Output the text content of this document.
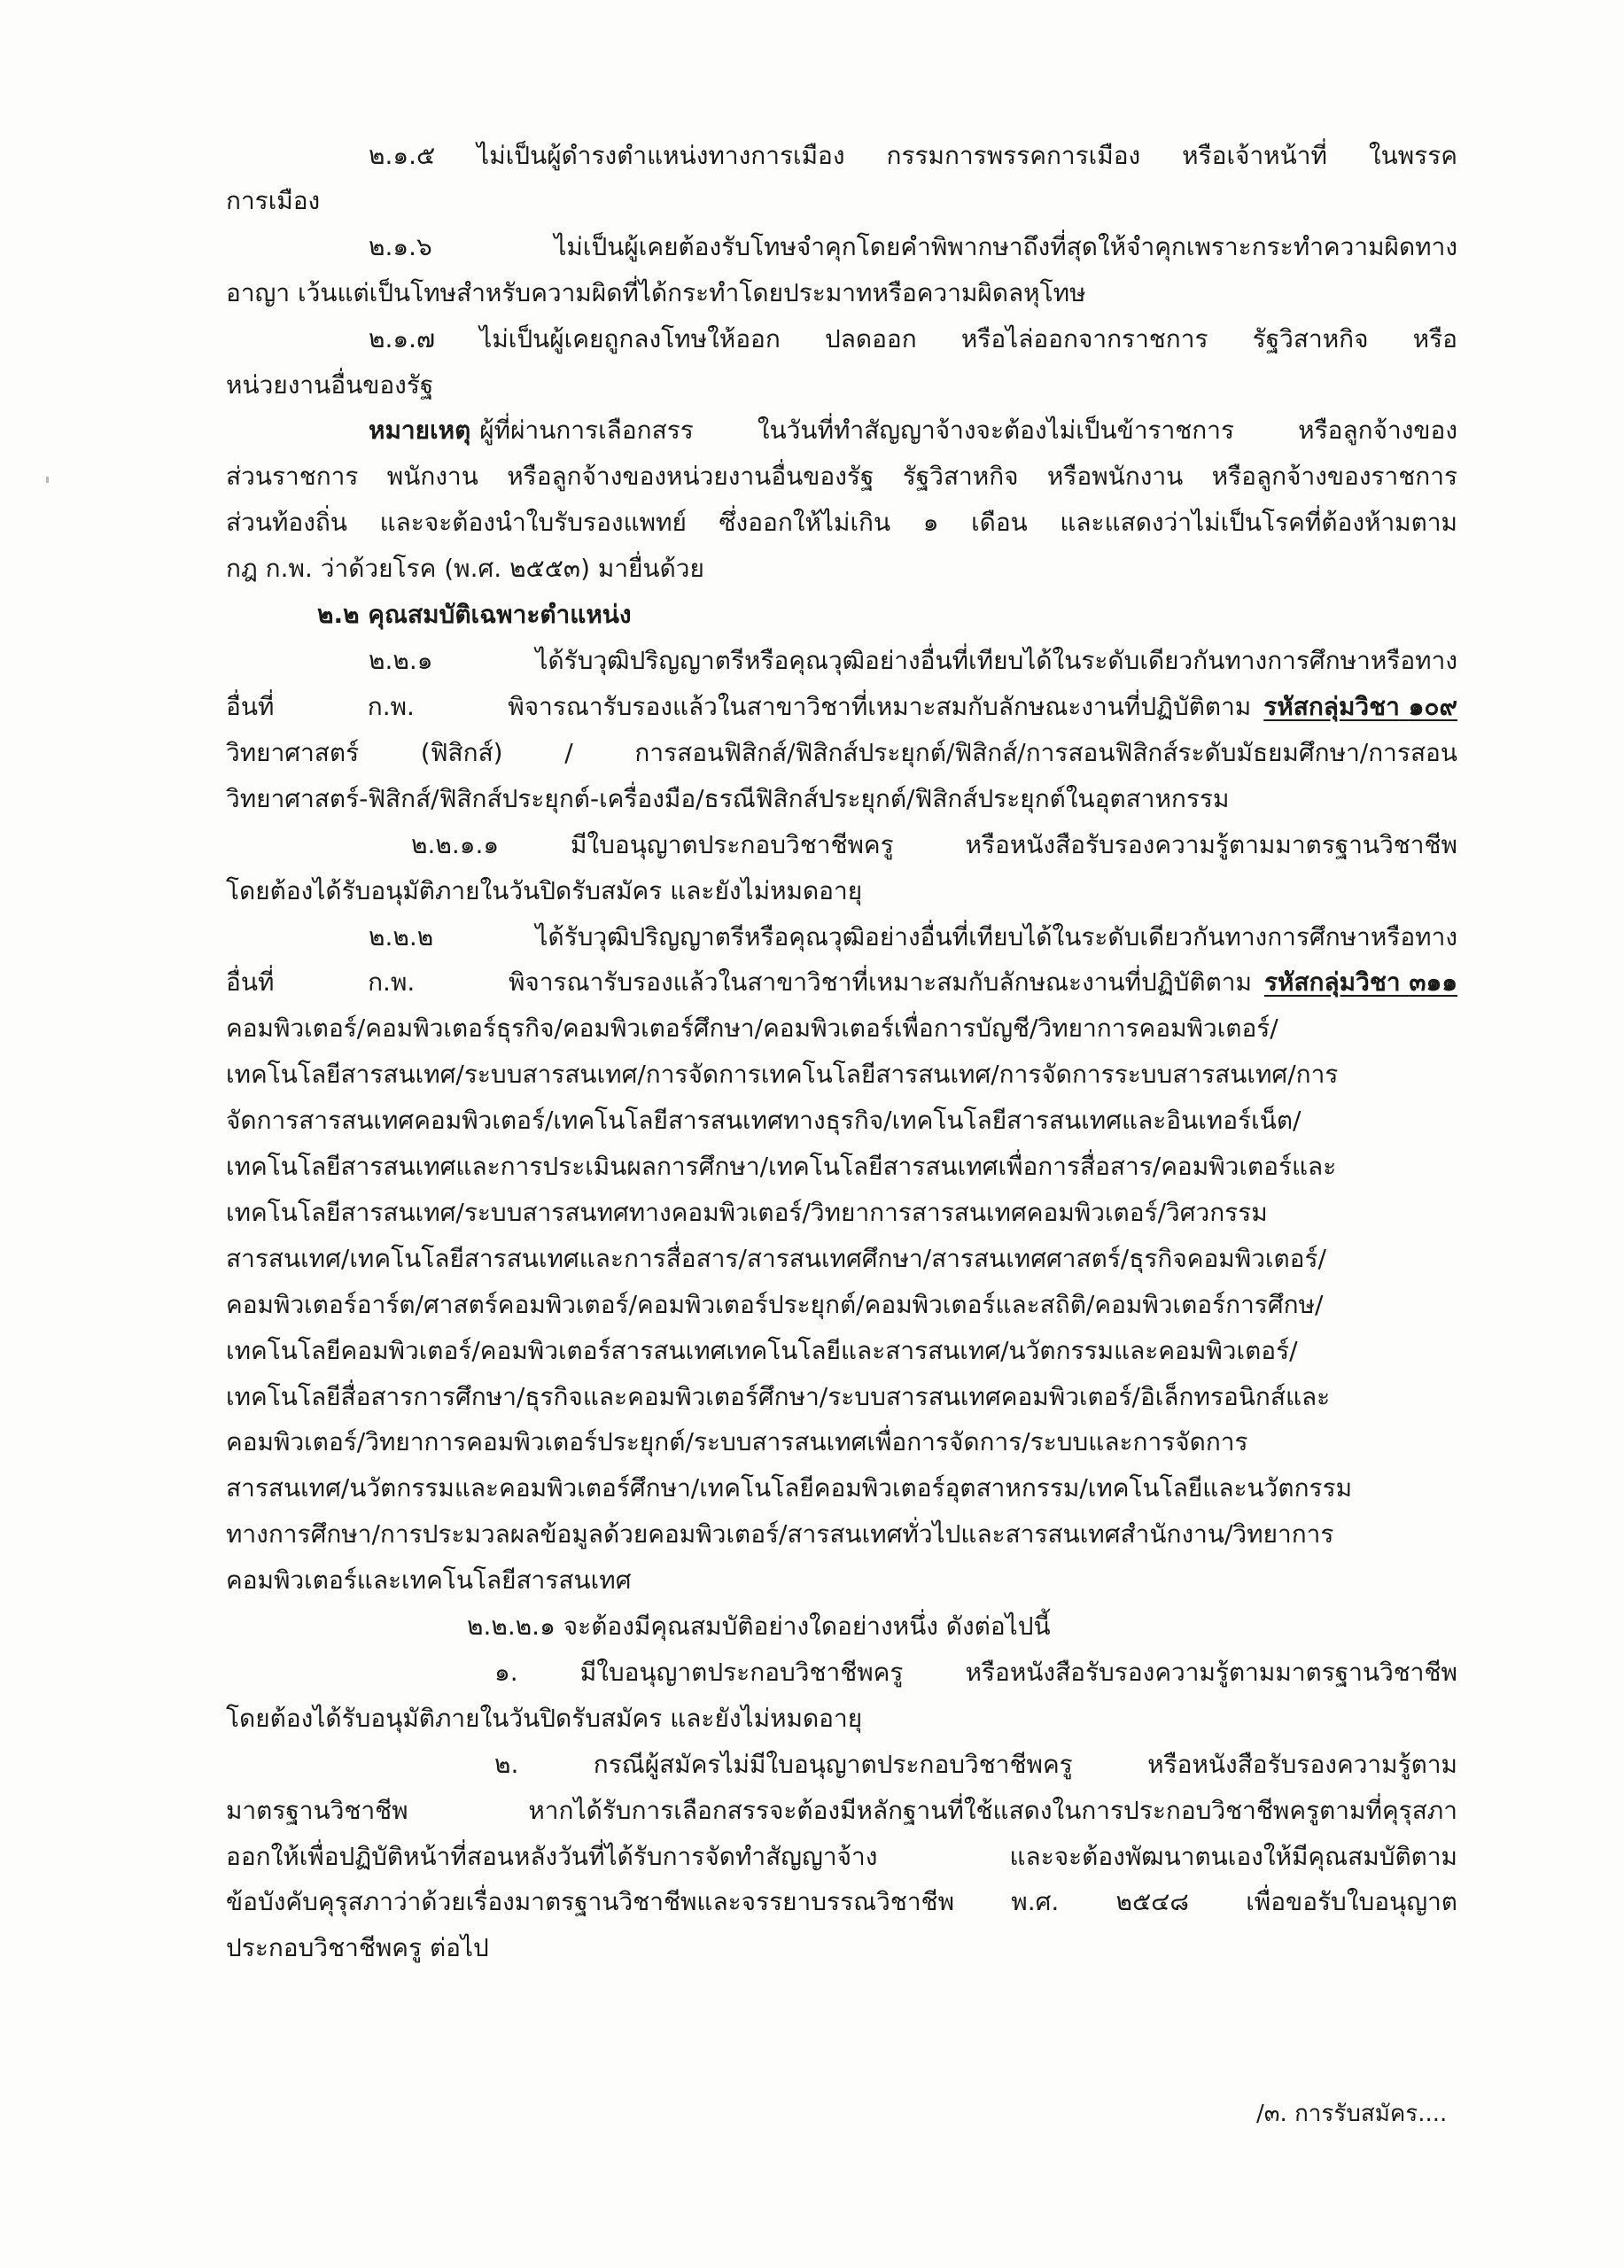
๒.๑.๕ ไม่เป็นผู้ดำรงตำแหน่งทางการเมือง กรรมการพรรคการเมือง หรือเจ้าหน้าที่ ในพรรค

การเมือง

๒.๑.๖ ไม่เป็นผู้เคยต้องรับโทษจำคุกโดยคำพิพากษาถึงที่สุดให้จำคุกเพราะกระทำความผิดทาง

อาญา เว้นแต่เป็นโทษสำหรับความผิดที่ได้กระทำโดยประมาทหรือความผิดลหุโทษ

๒.๑.๗ ไม่เป็นผู้เคยถูกลงโทษให้ออก ปลดออก หรือไล่ออกจากราชการ รัฐวิสาหกิจ หรือ

หน่วยงานอื่นของรัฐ

หมายเหตุ ผู้ที่ผ่านการเลือกสรร ในวันที่ทำสัญญาจ้างจะต้องไม่เป็นข้าราชการ หรือลูกจ้างของ

ส่วนราชการ พนักงาน หรือลูกจ้างของหน่วยงานอื่นของรัฐ รัฐวิสาหกิจ หรือพนักงาน หรือลูกจ้างของราชการ

ส่วนท้องถิ่น และจะต้องนำใบรับรองแพทย์ ซึ่งออกให้ไม่เกิน ๑ เดือน และแสดงว่าไม่เป็นโรคที่ต้องห้ามตาม

กฎ ก.พ. ว่าด้วยโรค (พ.ศ. ๒๕๕๓) มายื่นด้วย

๒.๒ คุณสมบัติเฉพาะตำแหน่ง

๒.๒.๑ ได้รับวุฒิปริญญาตรีหรือคุณวุฒิอย่างอื่นที่เทียบได้ในระดับเดียวกันทางการศึกษาหรือทาง

อื่นที่ ก.พ. พิจารณารับรองแล้วในสาขาวิชาที่เหมาะสมกับลักษณะงานที่ปฏิบัติตาม รหัสกลุ่มวิชา ๑๐๙

วิทยาศาสตร์ (ฟิสิกส์) / การสอนฟิสิกส์/ฟิสิกส์ประยุกต์/ฟิสิกส์/การสอนฟิสิกส์ระดับมัธยมศึกษา/การสอน

วิทยาศาสตร์-ฟิสิกส์/ฟิสิกส์ประยุกต์-เครื่องมือ/ธรณีฟิสิกส์ประยุกต์/ฟิสิกส์ประยุกต์ในอุตสาหกรรม

๒.๒.๑.๑ มีใบอนุญาตประกอบวิชาชีพครู หรือหนังสือรับรองความรู้ตามมาตรฐานวิชาชีพ

โดยต้องได้รับอนุมัติภายในวันปิดรับสมัคร และยังไม่หมดอายุ

๒.๒.๒ ได้รับวุฒิปริญญาตรีหรือคุณวุฒิอย่างอื่นที่เทียบได้ในระดับเดียวกันทางการศึกษาหรือทาง

อื่นที่ ก.พ. พิจารณารับรองแล้วในสาขาวิชาที่เหมาะสมกับลักษณะงานที่ปฏิบัติตาม รหัสกลุ่มวิชา ๓๑๑

คอมพิวเตอร์/คอมพิวเตอร์ธุรกิจ/คอมพิวเตอร์ศึกษา/คอมพิวเตอร์เพื่อการบัญชี/วิทยาการคอมพิวเตอร์/

เทคโนโลยีสารสนเทศ/ระบบสารสนเทศ/การจัดการเทคโนโลยีสารสนเทศ/การจัดการระบบสารสนเทศ/การ

จัดการสารสนเทศคอมพิวเตอร์/เทคโนโลยีสารสนเทศทางธุรกิจ/เทคโนโลยีสารสนเทศและอินเทอร์เน็ต/

เทคโนโลยีสารสนเทศและการประเมินผลการศึกษา/เทคโนโลยีสารสนเทศเพื่อการสื่อสาร/คอมพิวเตอร์และ

เทคโนโลยีสารสนเทศ/ระบบสารสนทศทางคอมพิวเตอร์/วิทยาการสารสนเทศคอมพิวเตอร์/วิศวกรรม

สารสนเทศ/เทคโนโลยีสารสนเทศและการสื่อสาร/สารสนเทศศึกษา/สารสนเทศศาสตร์/ธุรกิจคอมพิวเตอร์/

คอมพิวเตอร์อาร์ต/ศาสตร์คอมพิวเตอร์/คอมพิวเตอร์ประยุกต์/คอมพิวเตอร์และสถิติ/คอมพิวเตอร์การศึกษ/

เทคโนโลยีคอมพิวเตอร์/คอมพิวเตอร์สารสนเทศเทคโนโลยีและสารสนเทศ/นวัตกรรมและคอมพิวเตอร์/

เทคโนโลยีสื่อสารการศึกษา/ธุรกิจและคอมพิวเตอร์ศึกษา/ระบบสารสนเทศคอมพิวเตอร์/อิเล็กทรอนิกส์และ

คอมพิวเตอร์/วิทยาการคอมพิวเตอร์ประยุกต์/ระบบสารสนเทศเพื่อการจัดการ/ระบบและการจัดการ

สารสนเทศ/นวัตกรรมและคอมพิวเตอร์ศึกษา/เทคโนโลยีคอมพิวเตอร์อุตสาหกรรม/เทคโนโลยีและนวัตกรรม

ทางการศึกษา/การประมวลผลข้อมูลด้วยคอมพิวเตอร์/สารสนเทศทั่วไปและสารสนเทศสำนักงาน/วิทยาการ

คอมพิวเตอร์และเทคโนโลยีสารสนเทศ

๒.๒.๒.๑ จะต้องมีคุณสมบัติอย่างใดอย่างหนึ่ง ดังต่อไปนี้

๑. มีใบอนุญาตประกอบวิชาชีพครู หรือหนังสือรับรองความรู้ตามมาตรฐานวิชาชีพ

โดยต้องได้รับอนุมัติภายในวันปิดรับสมัคร และยังไม่หมดอายุ

๒. กรณีผู้สมัครไม่มีใบอนุญาตประกอบวิชาชีพครู หรือหนังสือรับรองความรู้ตาม

มาตรฐานวิชาชีพ หากได้รับการเลือกสรรจะต้องมีหลักฐานที่ใช้แสดงในการประกอบวิชาชีพครูตามที่คุรุสภา

ออกให้เพื่อปฏิบัติหน้าที่สอนหลังวันที่ได้รับการจัดทำสัญญาจ้าง และจะต้องพัฒนาตนเองให้มีคุณสมบัติตาม

ข้อบังคับคุรุสภาว่าด้วยเรื่องมาตรฐานวิชาชีพและจรรยาบรรณวิชาชีพ พ.ศ. ๒๕๔๘ เพื่อขอรับใบอนุญาต

ประกอบวิชาชีพครู ต่อไป

/๓. การรับสมัคร....
